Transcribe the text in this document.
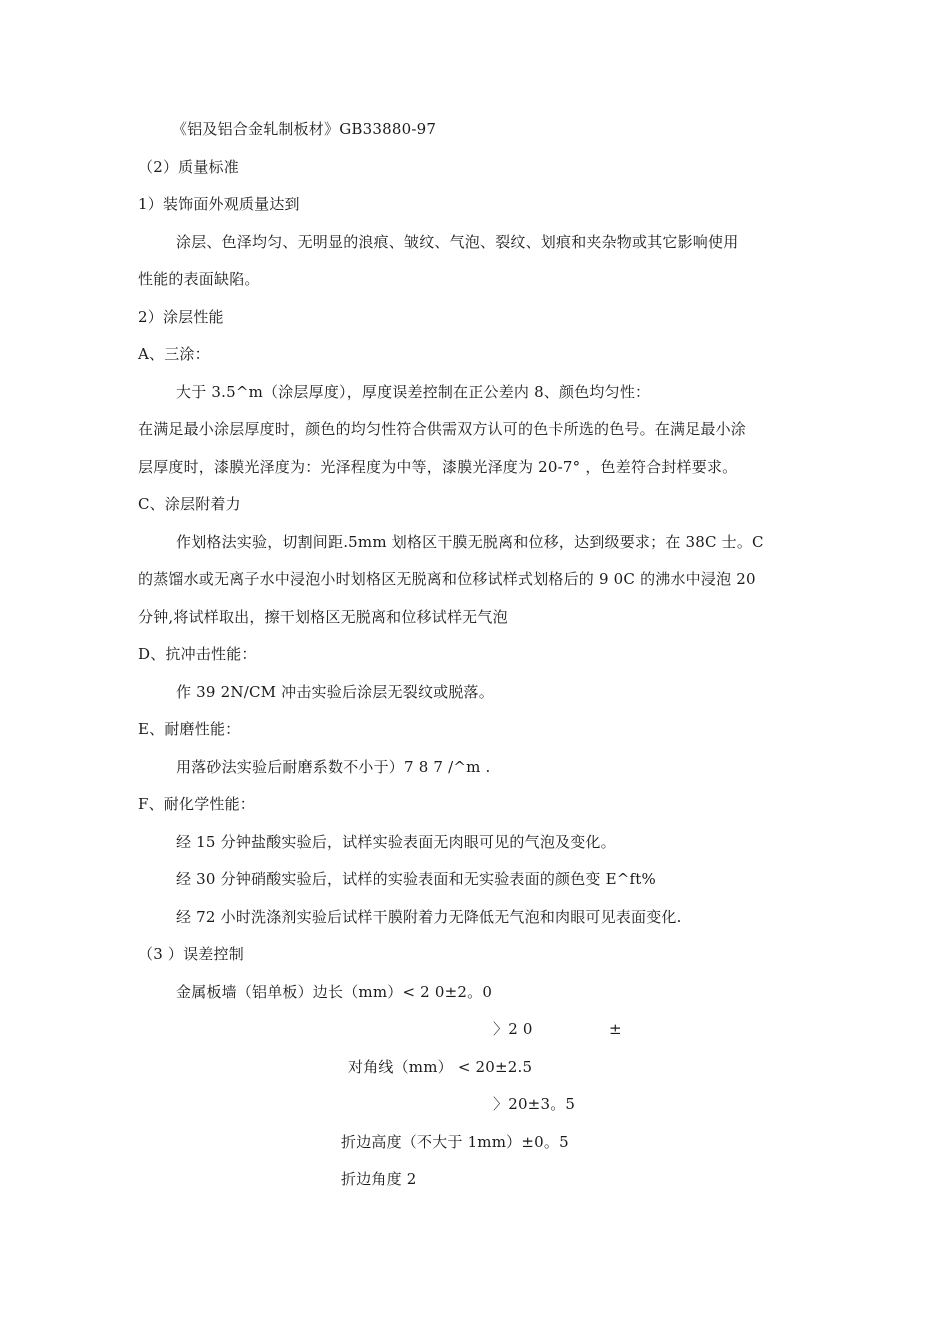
《铝及铝合金轧制板材》GB33880-97
（2）质量标准
1）装饰面外观质量达到
涂层、色泽均匀、无明显的浪痕、皱纹、气泡、裂纹、划痕和夹杂物或其它影响使用
性能的表面缺陷。
2）涂层性能
A、三涂：
大于 3.5^m（涂层厚度），厚度误差控制在正公差内 8、颜色均匀性：
在满足最小涂层厚度时，颜色的均匀性符合供需双方认可的色卡所选的色号。在满足最小涂
层厚度时，漆膜光泽度为：光泽程度为中等，漆膜光泽度为 20-7° ，色差符合封样要求。
C、涂层附着力
作划格法实验，切割间距.5mm 划格区干膜无脱离和位移，达到级要求；在 38C 士。C
的蒸馏水或无离子水中浸泡小时划格区无脱离和位移试样式划格后的 9 0C 的沸水中浸泡 20
分钟,将试样取出，擦干划格区无脱离和位移试样无气泡
D、抗冲击性能：
作 39 2N/CM 冲击实验后涂层无裂纹或脱落。
E、耐磨性能：
用落砂法实验后耐磨系数不小于）7 8 7 /^m .
F、耐化学性能：
经 15 分钟盐酸实验后，试样实验表面无肉眼可见的气泡及变化。
经 30 分钟硝酸实验后，试样的实验表面和无实验表面的颜色变 E^ft%
经 72 小时洗涤剂实验后试样干膜附着力无降低无气泡和肉眼可见表面变化.
（3 ）误差控制
金属板墙（铝单板）边长（mm）< 2 0±2。0
〉2 0	±
对角线（mm） < 20±2.5
〉20±3。5
折边高度（不大于 1mm）±0。5
折边角度 2
